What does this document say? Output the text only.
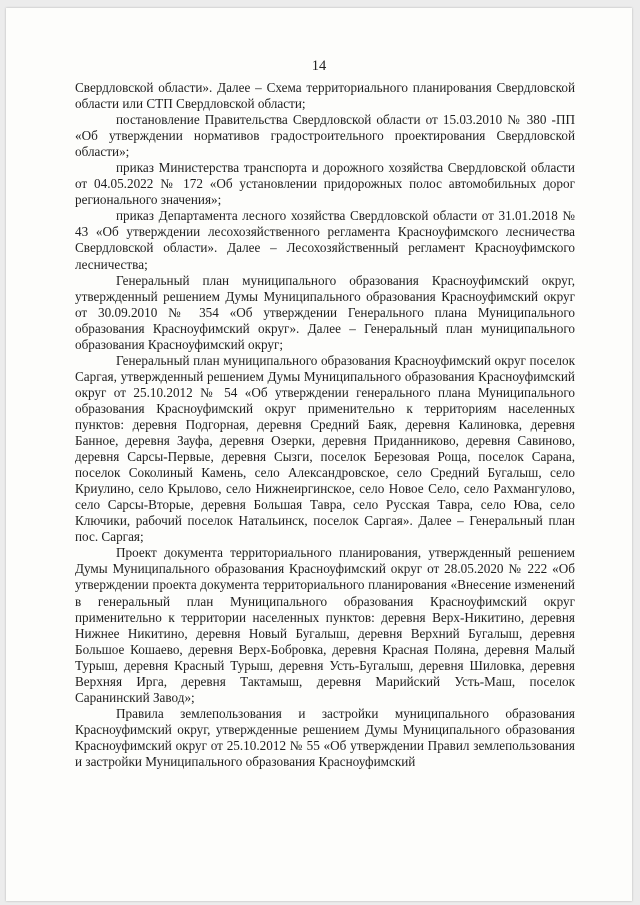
14

Свердловской области». Далее – Схема территориального планирования Свердловской области или СТП Свердловской области;

постановление Правительства Свердловской области от 15.03.2010 № 380 -ПП «Об утверждении нормативов градостроительного проектирования Свердловской области»;

приказ Министерства транспорта и дорожного хозяйства Свердловской области от 04.05.2022 № 172 «Об установлении придорожных полос автомобильных дорог регионального значения»;

приказ Департамента лесного хозяйства Свердловской области от 31.01.2018 № 43 «Об утверждении лесохозяйственного регламента Красноуфимского лесничества Свердловской области». Далее – Лесохозяйственный регламент Красноуфимского лесничества;

Генеральный план муниципального образования Красноуфимский округ, утвержденный решением Думы Муниципального образования Красноуфимский округ от 30.09.2010 № 354 «Об утверждении Генерального плана Муниципального образования Красноуфимский округ». Далее – Генеральный план муниципального образования Красноуфимский округ;

Генеральный план муниципального образования Красноуфимский округ поселок Саргая, утвержденный решением Думы Муниципального образования Красноуфимский округ от 25.10.2012 № 54 «Об утверждении генерального плана Муниципального образования Красноуфимский округ применительно к территориям населенных пунктов: деревня Подгорная, деревня Средний Баяк, деревня Калиновка, деревня Банное, деревня Зауфа, деревня Озерки, деревня Приданниково, деревня Савиново, деревня Сарсы-Первые, деревня Сызги, поселок Березовая Роща, поселок Сарана, поселок Соколиный Камень, село Александровское, село Средний Бугалыш, село Криулино, село Крылово, село Нижнеиргинское, село Новое Село, село Рахмангулово, село Сарсы-Вторые, деревня Большая Тавра, село Русская Тавра, село Юва, село Ключики, рабочий поселок Натальинск, поселок Саргая». Далее – Генеральный план пос. Саргая;

Проект документа территориального планирования, утвержденный решением Думы Муниципального образования Красноуфимский округ от 28.05.2020 № 222 «Об утверждении проекта документа территориального планирования «Внесение изменений в генеральный план Муниципального образования Красноуфимский округ применительно к территории населенных пунктов: деревня Верх-Никитино, деревня Нижнее Никитино, деревня Новый Бугалыш, деревня Верхний Бугалыш, деревня Большое Кошаево, деревня Верх-Бобровка, деревня Красная Поляна, деревня Малый Турыш, деревня Красный Турыш, деревня Усть-Бугалыш, деревня Шиловка, деревня Верхняя Ирга, деревня Тактамыш, деревня Марийский Усть-Маш, поселок Саранинский Завод»;

Правила землепользования и застройки муниципального образования Красноуфимский округ, утвержденные решением Думы Муниципального образования Красноуфимский округ от 25.10.2012 № 55 «Об утверждении Правил землепользования и застройки Муниципального образования Красноуфимский
